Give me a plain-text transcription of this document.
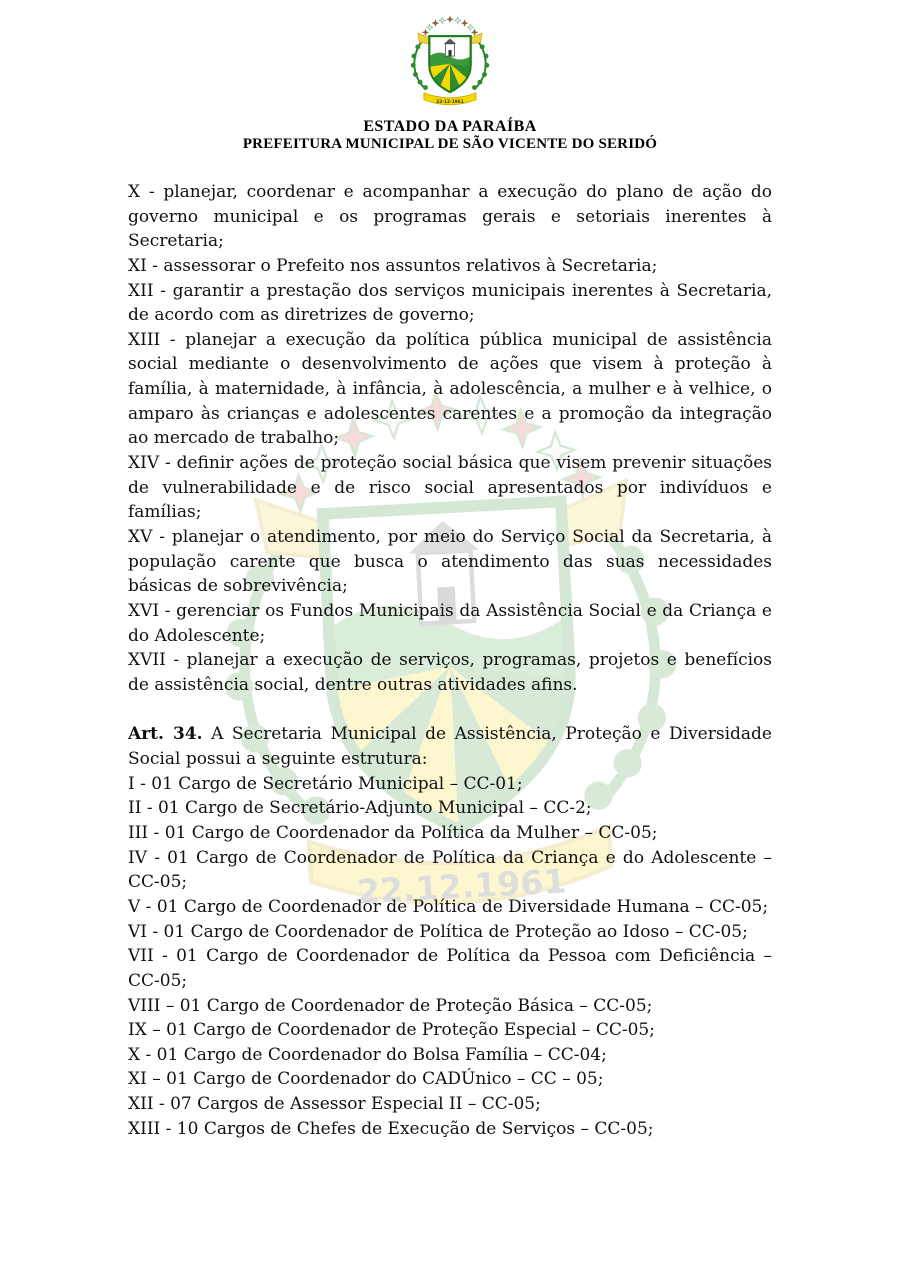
22.12.1961
22-12-1961
ESTADO DA PARAÍBA
PREFEITURA MUNICIPAL DE SÃO VICENTE DO SERIDÓ

X - planejar, coordenar e acompanhar a execução do plano de ação do governo municipal e os programas gerais e setoriais inerentes à Secretaria;

XI - assessorar o Prefeito nos assuntos relativos à Secretaria;

XII - garantir a prestação dos serviços municipais inerentes à Secretaria, de acordo com as diretrizes de governo;

XIII - planejar a execução da política pública municipal de assistência social mediante o desenvolvimento de ações que visem à proteção à família, à maternidade, à infância, à adolescência, a mulher e à velhice, o amparo às crianças e adolescentes carentes e a promoção da integração ao mercado de trabalho;

XIV - definir ações de proteção social básica que visem prevenir situações de vulnerabilidade e de risco social apresentados por indivíduos e famílias;

XV - planejar o atendimento, por meio do Serviço Social da Secretaria, à população carente que busca o atendimento das suas necessidades básicas de sobrevivência;

XVI - gerenciar os Fundos Municipais da Assistência Social e da Criança e do Adolescente;

XVII - planejar a execução de serviços, programas, projetos e benefícios de assistência social, dentre outras atividades afins.

Art. 34. A Secretaria Municipal de Assistência, Proteção e Diversidade Social possui a seguinte estrutura:

I - 01 Cargo de Secretário Municipal – CC-01;

II - 01 Cargo de Secretário-Adjunto Municipal – CC-2;

III - 01 Cargo de Coordenador da Política da Mulher – CC-05;

IV - 01 Cargo de Coordenador de Política da Criança e do Adolescente – CC-05;

V - 01 Cargo de Coordenador de Política de Diversidade Humana – CC-05;

VI - 01 Cargo de Coordenador de Política de Proteção ao Idoso – CC-05;

VII - 01 Cargo de Coordenador de Política da Pessoa com Deficiência – CC-05;

VIII – 01 Cargo de Coordenador de Proteção Básica – CC-05;

IX – 01 Cargo de Coordenador de Proteção Especial – CC-05;

X - 01 Cargo de Coordenador do Bolsa Família – CC-04;

XI – 01 Cargo de Coordenador do CADÚnico – CC – 05;

XII - 07 Cargos de Assessor Especial II – CC-05;

XIII - 10 Cargos de Chefes de Execução de Serviços – CC-05;
